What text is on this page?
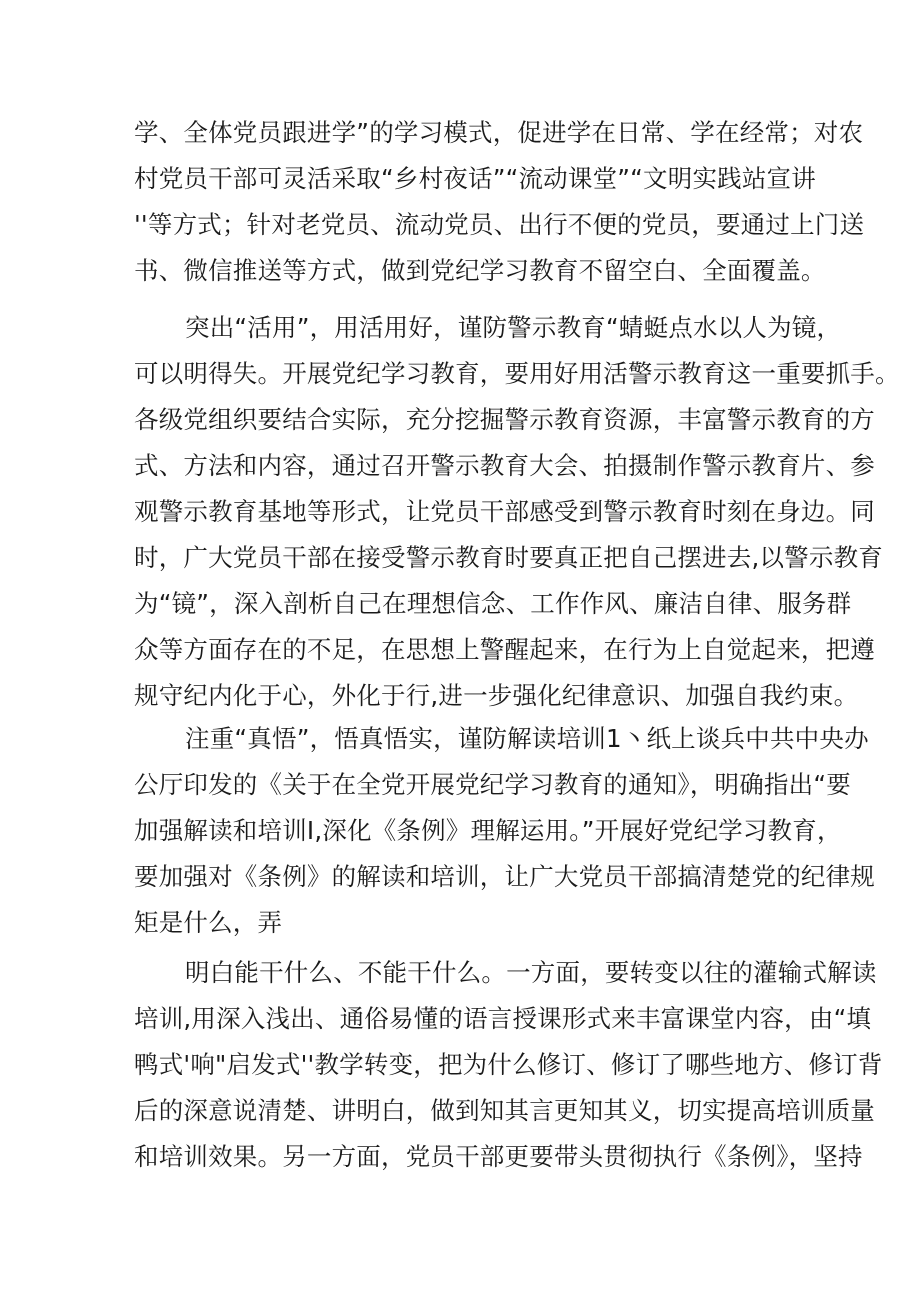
学、全体党员跟进学”的学习模式，促进学在日常、学在经常；对农
村党员干部可灵活采取“乡村夜话”“流动课堂”“文明实践站宣讲
''等方式；针对老党员、流动党员、出行不便的党员，要通过上门送
书、微信推送等方式，做到党纪学习教育不留空白、全面覆盖。
突出“活用”，用活用好，谨防警示教育“蜻蜓点水以人为镜，
可以明得失。开展党纪学习教育，要用好用活警示教育这一重要抓手。
各级党组织要结合实际，充分挖掘警示教育资源，丰富警示教育的方
式、方法和内容，通过召开警示教育大会、拍摄制作警示教育片、参
观警示教育基地等形式，让党员干部感受到警示教育时刻在身边。同
时，广大党员干部在接受警示教育时要真正把自己摆进去,以警示教育
为“镜”，深入剖析自己在理想信念、工作作风、廉洁自律、服务群
众等方面存在的不足，在思想上警醒起来，在行为上自觉起来，把遵
规守纪内化于心，外化于行,进一步强化纪律意识、加强自我约束。
注重“真悟”，悟真悟实，谨防解读培训1丶纸上谈兵中共中央办
公厅印发的《关于在全党开展党纪学习教育的通知》，明确指出“要
加强解读和培训I,深化《条例》理解运用。”开展好党纪学习教育，
要加强对《条例》的解读和培训，让广大党员干部搞清楚党的纪律规
矩是什么，弄
明白能干什么、不能干什么。一方面，要转变以往的灌输式解读
培训,用深入浅出、通俗易懂的语言授课形式来丰富课堂内容，由“填
鸭式'响"启发式''教学转变，把为什么修订、修订了哪些地方、修订背
后的深意说清楚、讲明白，做到知其言更知其义，切实提高培训质量
和培训效果。另一方面，党员干部更要带头贯彻执行《条例》，坚持
